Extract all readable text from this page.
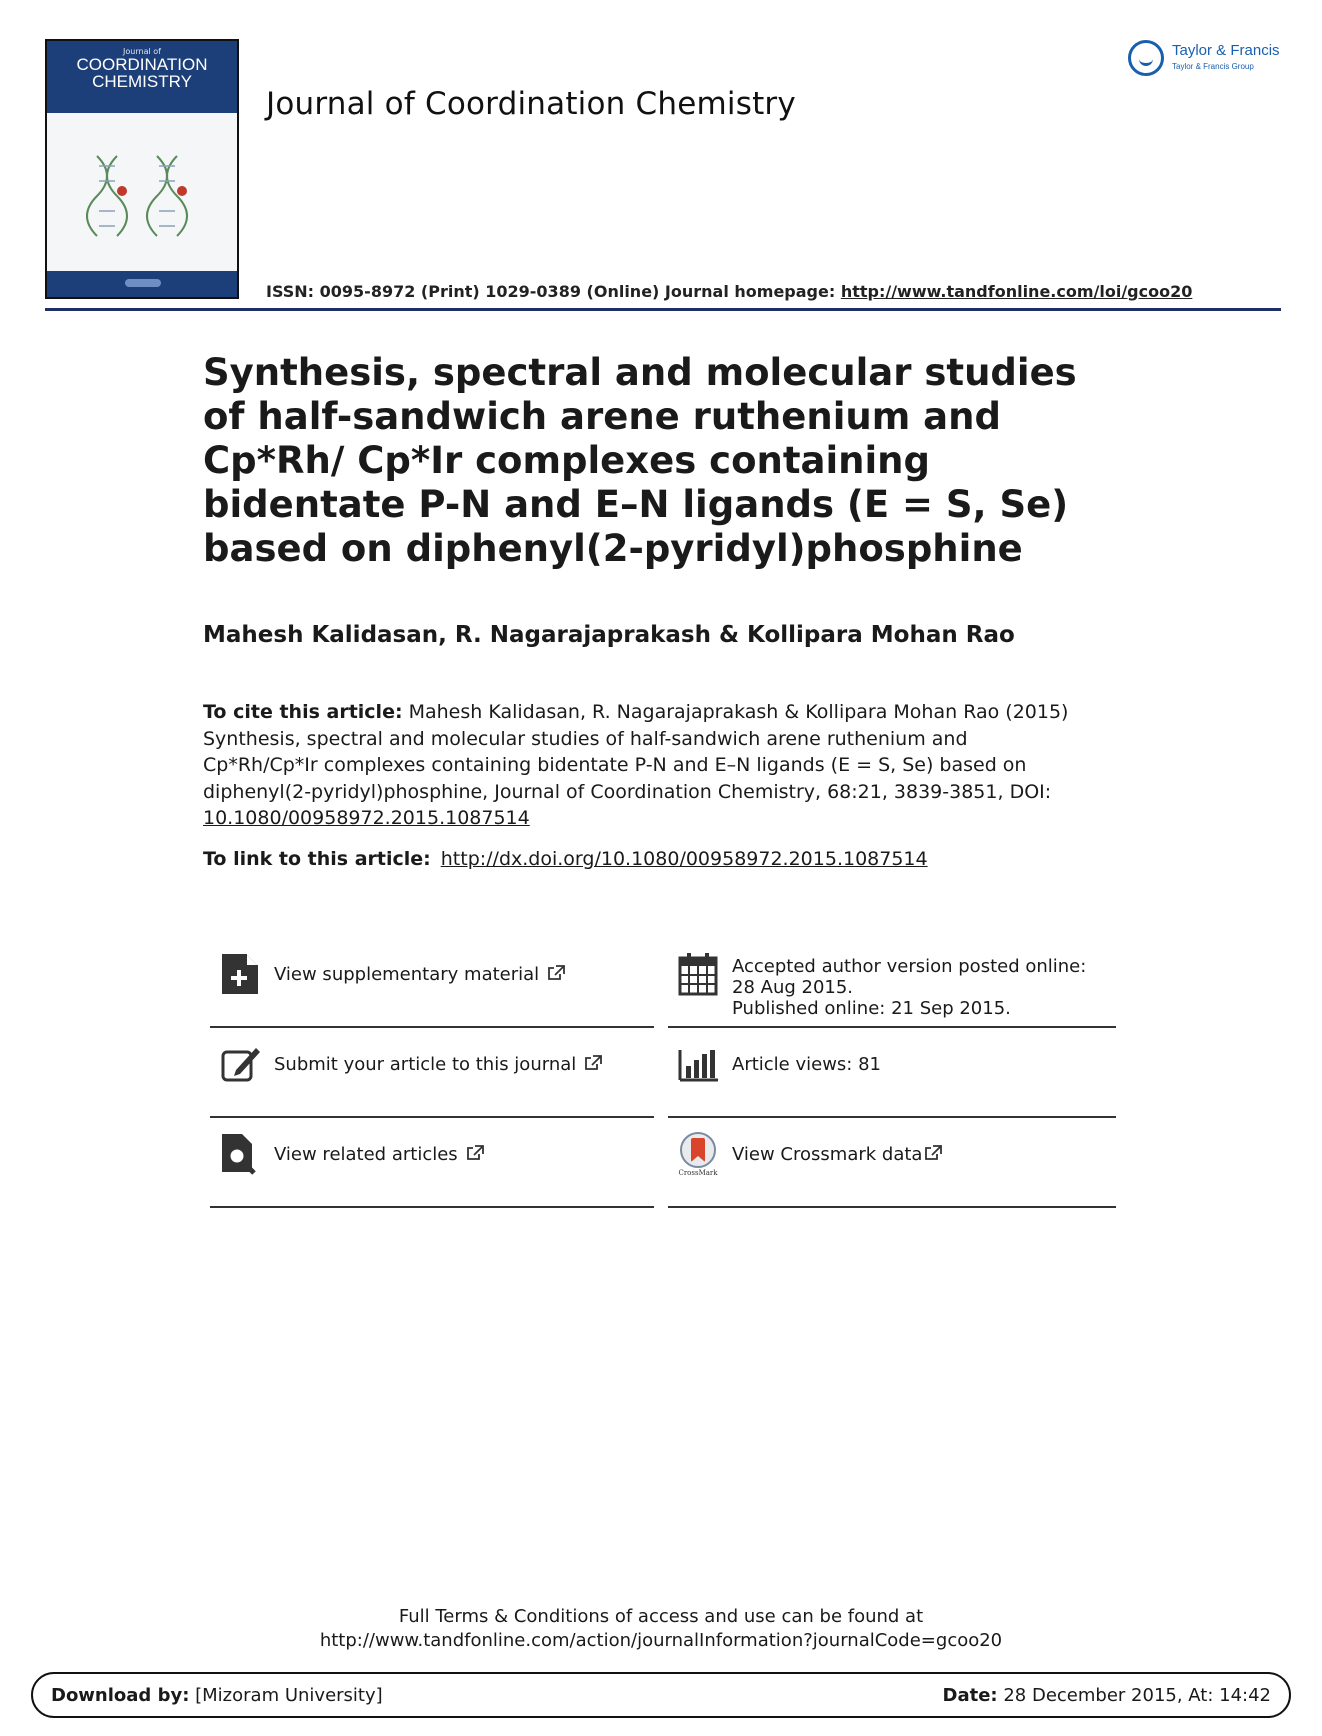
Journal of
COORDINATION
CHEMISTRY
Journal of Coordination Chemistry
Taylor & Francis
Taylor & Francis Group
ISSN: 0095-8972 (Print) 1029-0389 (Online) Journal homepage: http://www.tandfonline.com/loi/gcoo20
Synthesis, spectral and molecular studies of half-sandwich arene ruthenium and Cp*Rh/ Cp*Ir complexes containing bidentate P-N and E–N ligands (E = S, Se) based on diphenyl(2-pyridyl)phosphine
Mahesh Kalidasan, R. Nagarajaprakash & Kollipara Mohan Rao
To cite this article: Mahesh Kalidasan, R. Nagarajaprakash & Kollipara Mohan Rao (2015) Synthesis, spectral and molecular studies of half-sandwich arene ruthenium and Cp*Rh/Cp*Ir complexes containing bidentate P-N and E–N ligands (E = S, Se) based on diphenyl(2-pyridyl)phosphine, Journal of Coordination Chemistry, 68:21, 3839-3851, DOI: 10.1080/00958972.2015.1087514
To link to this article: http://dx.doi.org/10.1080/00958972.2015.1087514
View supplementary material
Submit your article to this journal
View related articles
Accepted author version posted online: 28 Aug 2015.
Published online: 21 Sep 2015.
Article views: 81
CrossMark
View Crossmark data
Full Terms & Conditions of access and use can be found at
http://www.tandfonline.com/action/journalInformation?journalCode=gcoo20
Download by: [Mizoram University]	Date: 28 December 2015, At: 14:42
